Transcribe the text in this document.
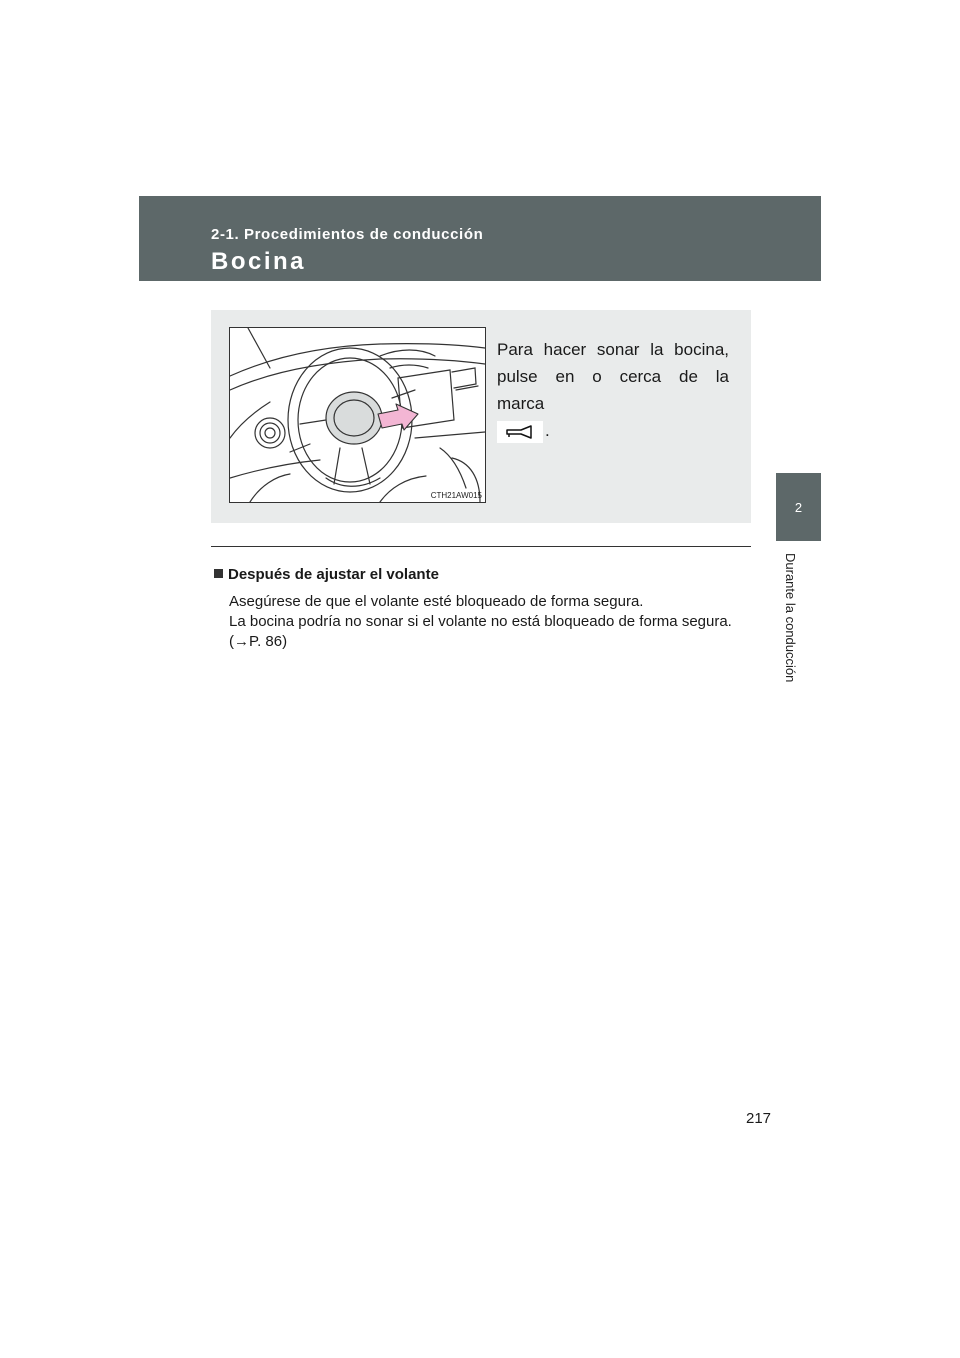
2-1. Procedimientos de conducción
Bocina
2
Durante la conducción
CTH21AW015
Para hacer sonar la bocina, pulse en o cerca de la marca

.
Después de ajustar el volante

Asegúrese de que el volante esté bloqueado de forma segura.

La bocina podría no sonar si el volante no está bloqueado de forma segura.

(→P. 86)

217
